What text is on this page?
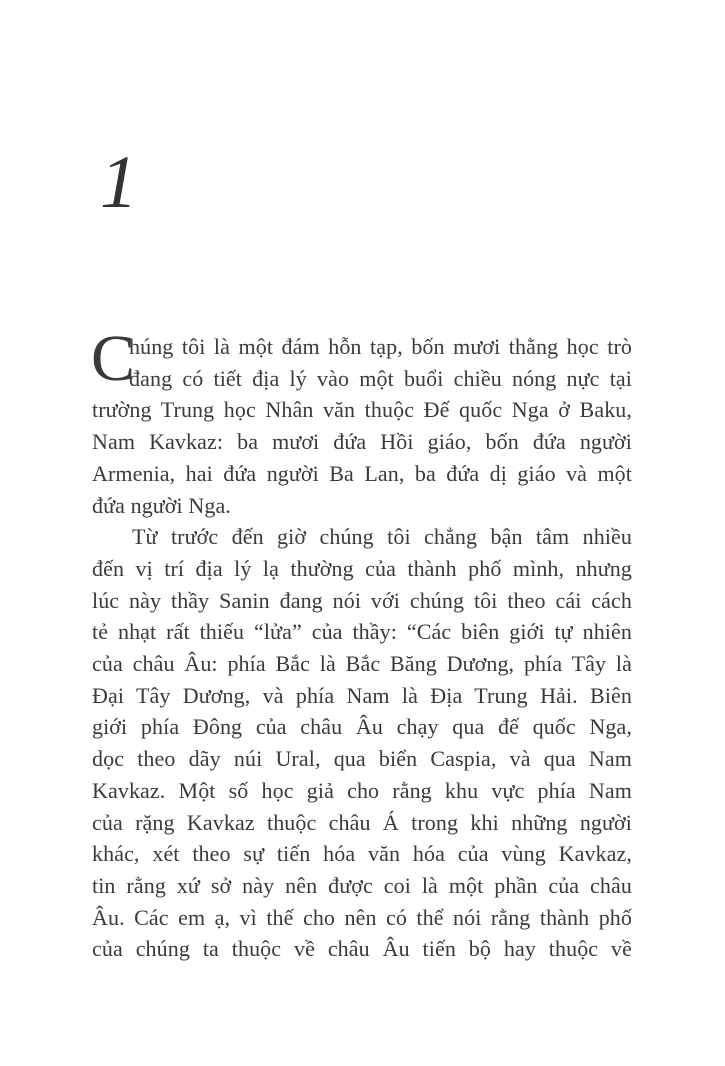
1
C
húng tôi là một đám hỗn tạp, bốn mươi thằng học trò
đang có tiết địa lý vào một buổi chiều nóng nực tại
trường Trung học Nhân văn thuộc Đế quốc Nga ở Baku,
Nam Kavkaz: ba mươi đứa Hồi giáo, bốn đứa người
Armenia, hai đứa người Ba Lan, ba đứa dị giáo và một
đứa người Nga.
Từ trước đến giờ chúng tôi chẳng bận tâm nhiều
đến vị trí địa lý lạ thường của thành phố mình, nhưng
lúc này thầy Sanin đang nói với chúng tôi theo cái cách
tẻ nhạt rất thiếu “lửa” của thầy: “Các biên giới tự nhiên
của châu Âu: phía Bắc là Bắc Băng Dương, phía Tây là
Đại Tây Dương, và phía Nam là Địa Trung Hải. Biên
giới phía Đông của châu Âu chạy qua đế quốc Nga,
dọc theo dãy núi Ural, qua biển Caspia, và qua Nam
Kavkaz. Một số học giả cho rằng khu vực phía Nam
của rặng Kavkaz thuộc châu Á trong khi những người
khác, xét theo sự tiến hóa văn hóa của vùng Kavkaz,
tin rằng xứ sở này nên được coi là một phần của châu
Âu. Các em ạ, vì thế cho nên có thể nói rằng thành phố
của chúng ta thuộc về châu Âu tiến bộ hay thuộc về
